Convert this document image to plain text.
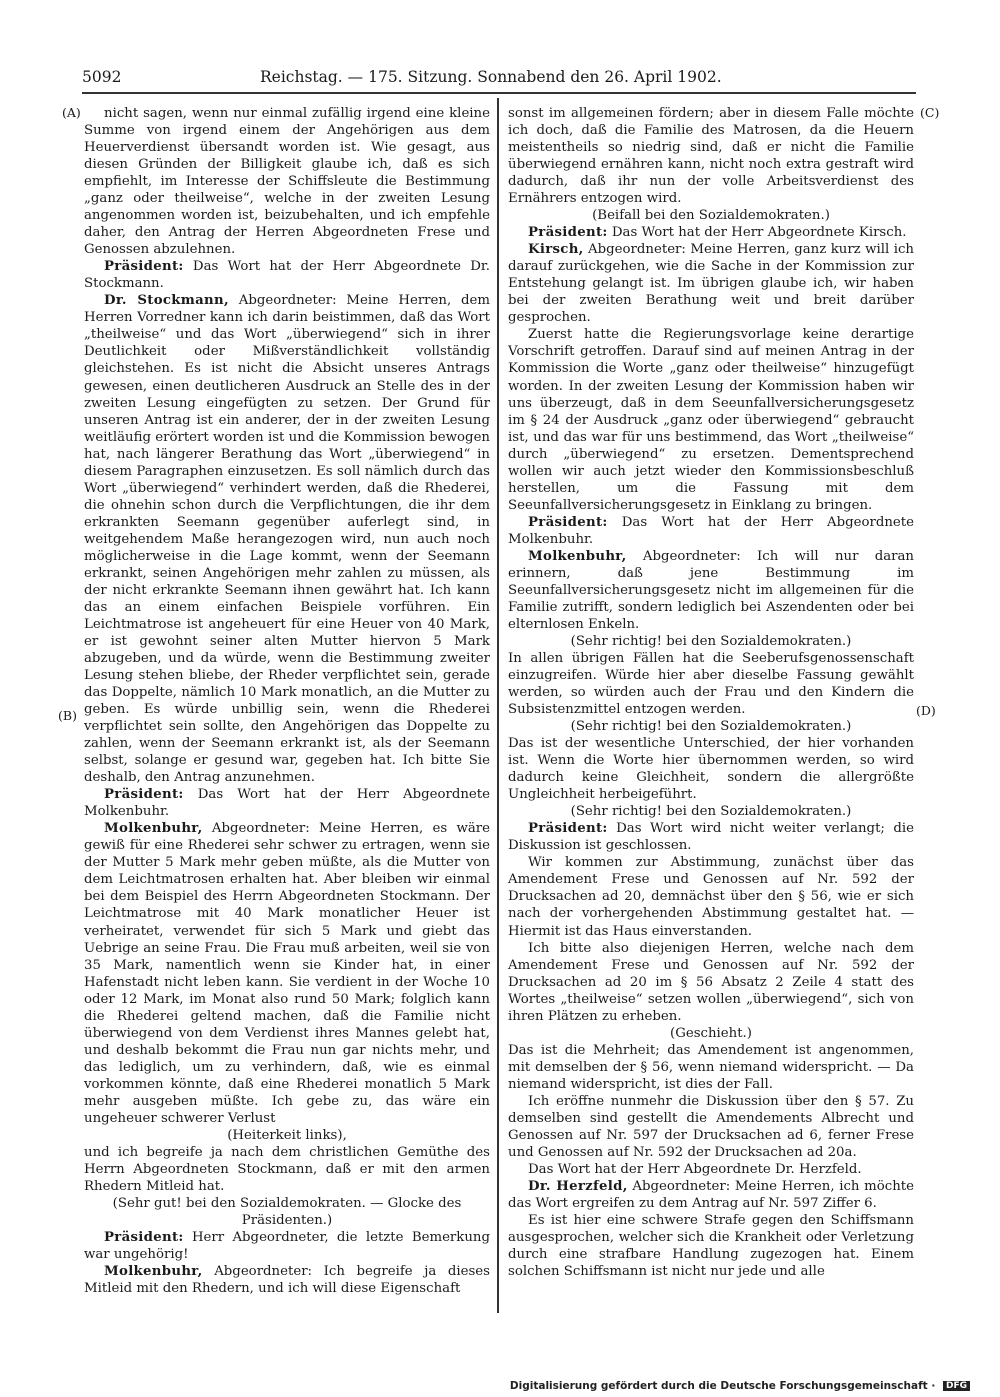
5092	Reichstag. — 175. Sitzung. Sonnabend den 26. April 1902.
(A)
(B)
(C)
(D)

nicht sagen, wenn nur einmal zufällig irgend eine kleine Summe von irgend einem der Angehörigen aus dem Heuerverdienst übersandt worden ist. Wie gesagt, aus diesen Gründen der Billigkeit glaube ich, daß es sich empfiehlt, im Interesse der Schiffsleute die Bestimmung „ganz oder theilweise“, welche in der zweiten Lesung angenommen worden ist, beizubehalten, und ich empfehle daher, den Antrag der Herren Abgeordneten Frese und Genossen abzulehnen.

Präsident: Das Wort hat der Herr Abgeordnete Dr. Stockmann.

Dr. Stockmann, Abgeordneter: Meine Herren, dem Herren Vorredner kann ich darin beistimmen, daß das Wort „theilweise“ und das Wort „überwiegend“ sich in ihrer Deutlichkeit oder Mißverständlichkeit vollständig gleichstehen. Es ist nicht die Absicht unseres Antrags gewesen, einen deutlicheren Ausdruck an Stelle des in der zweiten Lesung eingefügten zu setzen. Der Grund für unseren Antrag ist ein anderer, der in der zweiten Lesung weitläufig erörtert worden ist und die Kommission bewogen hat, nach längerer Berathung das Wort „überwiegend“ in diesem Paragraphen einzusetzen. Es soll nämlich durch das Wort „überwiegend“ verhindert werden, daß die Rhederei, die ohnehin schon durch die Verpflichtungen, die ihr dem erkrankten Seemann gegenüber auferlegt sind, in weitgehendem Maße herangezogen wird, nun auch noch möglicherweise in die Lage kommt, wenn der Seemann erkrankt, seinen Angehörigen mehr zahlen zu müssen, als der nicht erkrankte Seemann ihnen gewährt hat. Ich kann das an einem einfachen Beispiele vorführen. Ein Leichtmatrose ist angeheuert für eine Heuer von 40 Mark, er ist gewohnt seiner alten Mutter hiervon 5 Mark abzugeben, und da würde, wenn die Bestimmung zweiter Lesung stehen bliebe, der Rheder verpflichtet sein, gerade das Doppelte, nämlich 10 Mark monatlich, an die Mutter zu geben. Es würde unbillig sein, wenn die Rhederei verpflichtet sein sollte, den Angehörigen das Doppelte zu zahlen, wenn der Seemann erkrankt ist, als der Seemann selbst, solange er gesund war, gegeben hat. Ich bitte Sie deshalb, den Antrag anzunehmen.

Präsident: Das Wort hat der Herr Abgeordnete Molkenbuhr.

Molkenbuhr, Abgeordneter: Meine Herren, es wäre gewiß für eine Rhederei sehr schwer zu ertragen, wenn sie der Mutter 5 Mark mehr geben müßte, als die Mutter von dem Leichtmatrosen erhalten hat. Aber bleiben wir einmal bei dem Beispiel des Herrn Abgeordneten Stockmann. Der Leichtmatrose mit 40 Mark monatlicher Heuer ist verheiratet, verwendet für sich 5 Mark und giebt das Uebrige an seine Frau. Die Frau muß arbeiten, weil sie von 35 Mark, namentlich wenn sie Kinder hat, in einer Hafenstadt nicht leben kann. Sie verdient in der Woche 10 oder 12 Mark, im Monat also rund 50 Mark; folglich kann die Rhederei geltend machen, daß die Familie nicht überwiegend von dem Verdienst ihres Mannes gelebt hat, und deshalb bekommt die Frau nun gar nichts mehr, und das lediglich, um zu verhindern, daß, wie es einmal vorkommen könnte, daß eine Rhederei monatlich 5 Mark mehr ausgeben müßte. Ich gebe zu, das wäre ein ungeheuer schwerer Verlust

(Heiterkeit links),

und ich begreife ja nach dem christlichen Gemüthe des Herrn Abgeordneten Stockmann, daß er mit den armen Rhedern Mitleid hat.

(Sehr gut! bei den Sozialdemokraten. — Glocke des Präsidenten.)

Präsident: Herr Abgeordneter, die letzte Bemerkung war ungehörig!

Molkenbuhr, Abgeordneter: Ich begreife ja dieses Mitleid mit den Rhedern, und ich will diese Eigenschaft

sonst im allgemeinen fördern; aber in diesem Falle möchte ich doch, daß die Familie des Matrosen, da die Heuern meistentheils so niedrig sind, daß er nicht die Familie überwiegend ernähren kann, nicht noch extra gestraft wird dadurch, daß ihr nun der volle Arbeitsverdienst des Ernährers entzogen wird.

(Beifall bei den Sozialdemokraten.)

Präsident: Das Wort hat der Herr Abgeordnete Kirsch.

Kirsch, Abgeordneter: Meine Herren, ganz kurz will ich darauf zurückgehen, wie die Sache in der Kommission zur Entstehung gelangt ist. Im übrigen glaube ich, wir haben bei der zweiten Berathung weit und breit darüber gesprochen.

Zuerst hatte die Regierungsvorlage keine derartige Vorschrift getroffen. Darauf sind auf meinen Antrag in der Kommission die Worte „ganz oder theilweise“ hinzugefügt worden. In der zweiten Lesung der Kommission haben wir uns überzeugt, daß in dem Seeunfallversicherungsgesetz im § 24 der Ausdruck „ganz oder überwiegend“ gebraucht ist, und das war für uns bestimmend, das Wort „theilweise“ durch „überwiegend“ zu ersetzen. Dementsprechend wollen wir auch jetzt wieder den Kommissionsbeschluß herstellen, um die Fassung mit dem Seeunfallversicherungsgesetz in Einklang zu bringen.

Präsident: Das Wort hat der Herr Abgeordnete Molkenbuhr.

Molkenbuhr, Abgeordneter: Ich will nur daran erinnern, daß jene Bestimmung im Seeunfallversicherungsgesetz nicht im allgemeinen für die Familie zutrifft, sondern lediglich bei Aszendenten oder bei elternlosen Enkeln.

(Sehr richtig! bei den Sozialdemokraten.)

In allen übrigen Fällen hat die Seeberufsgenossenschaft einzugreifen. Würde hier aber dieselbe Fassung gewählt werden, so würden auch der Frau und den Kindern die Subsistenzmittel entzogen werden.

(Sehr richtig! bei den Sozialdemokraten.)

Das ist der wesentliche Unterschied, der hier vorhanden ist. Wenn die Worte hier übernommen werden, so wird dadurch keine Gleichheit, sondern die allergrößte Ungleichheit herbeigeführt.

(Sehr richtig! bei den Sozialdemokraten.)

Präsident: Das Wort wird nicht weiter verlangt; die Diskussion ist geschlossen.

Wir kommen zur Abstimmung, zunächst über das Amendement Frese und Genossen auf Nr. 592 der Drucksachen ad 20, demnächst über den § 56, wie er sich nach der vorhergehenden Abstimmung gestaltet hat. — Hiermit ist das Haus einverstanden.

Ich bitte also diejenigen Herren, welche nach dem Amendement Frese und Genossen auf Nr. 592 der Drucksachen ad 20 im § 56 Absatz 2 Zeile 4 statt des Wortes „theilweise“ setzen wollen „überwiegend“, sich von ihren Plätzen zu erheben.

(Geschieht.)

Das ist die Mehrheit; das Amendement ist angenommen, mit demselben der § 56, wenn niemand widerspricht. — Da niemand widerspricht, ist dies der Fall.

Ich eröffne nunmehr die Diskussion über den § 57. Zu demselben sind gestellt die Amendements Albrecht und Genossen auf Nr. 597 der Drucksachen ad 6, ferner Frese und Genossen auf Nr. 592 der Drucksachen ad 20a.

Das Wort hat der Herr Abgeordnete Dr. Herzfeld.

Dr. Herzfeld, Abgeordneter: Meine Herren, ich möchte das Wort ergreifen zu dem Antrag auf Nr. 597 Ziffer 6.

Es ist hier eine schwere Strafe gegen den Schiffsmann ausgesprochen, welcher sich die Krankheit oder Verletzung durch eine strafbare Handlung zugezogen hat. Einem solchen Schiffsmann ist nicht nur jede und alle

Digitalisierung gefördert durch die Deutsche Forschungsgemeinschaft · DFG
